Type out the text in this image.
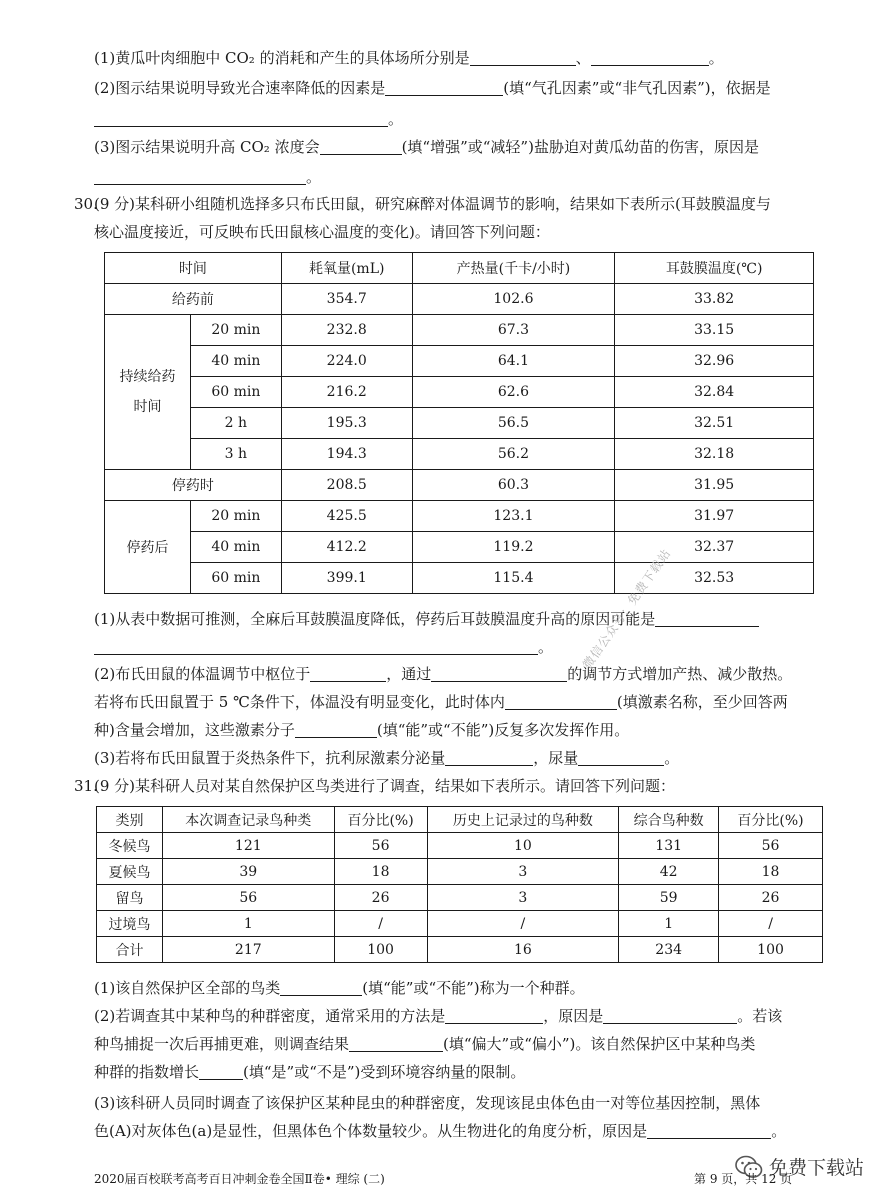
(1)黄瓜叶肉细胞中 CO₂ 的消耗和产生的具体场所分别是	、	。
(2)图示结果说明导致光合速率降低的因素是	(填“气孔因素”或“非气孔因素”)，依据是
。
(3)图示结果说明升高 CO₂ 浓度会	(填“增强”或“减轻”)盐胁迫对黄瓜幼苗的伤害，原因是
。
30.
(9 分)某科研小组随机选择多只布氏田鼠，研究麻醉对体温调节的影响，结果如下表所示(耳鼓膜温度与
核心温度接近，可反映布氏田鼠核心温度的变化)。请回答下列问题：
时间		耗氧量(mL)	产热量(千卡/小时)	耳鼓膜温度(℃)
给药前		354.7	102.6	33.82

持续给药时间	20 min	232.8	67.3	33.15
	40 min	224.0	64.1	32.96
	60 min	216.2	62.6	32.84
	2 h	195.3	56.5	32.51
	3 h	194.3	56.2	32.18
停药时		208.5	60.3	31.95
停药后	20 min	425.5	123.1	31.97
	40 min	412.2	119.2	32.37
	60 min	399.1	115.4	32.53
(1)从表中数据可推测，全麻后耳鼓膜温度降低，停药后耳鼓膜温度升高的原因可能是
。
(2)布氏田鼠的体温调节中枢位于	，通过	的调节方式增加产热、减少散热。
若将布氏田鼠置于 5 ℃条件下，体温没有明显变化，此时体内	(填激素名称，至少回答两
种)含量会增加，这些激素分子	(填“能”或“不能”)反复多次发挥作用。
(3)若将布氏田鼠置于炎热条件下，抗利尿激素分泌量	，尿量	。
31.
(9 分)某科研人员对某自然保护区鸟类进行了调查，结果如下表所示。请回答下列问题：
类别	本次调查记录鸟种类	百分比(%)	历史上记录过的鸟种数	综合鸟种数	百分比(%)
冬候鸟	121	56	10	131	56
夏候鸟	39	18	3	42	18
留鸟	56	26	3	59	26
过境鸟	1	/	/	1	/
合计	217	100	16	234	100
(1)该自然保护区全部的鸟类	(填“能”或“不能”)称为一个种群。
(2)若调查其中某种鸟的种群密度，通常采用的方法是	，原因是	。若该
种鸟捕捉一次后再捕更难，则调查结果	(填“偏大”或“偏小”)。该自然保护区中某种鸟类
种群的指数增长	(填“是”或“不是”)受到环境容纳量的限制。
(3)该科研人员同时调查了该保护区某种昆虫的种群密度，发现该昆虫体色由一对等位基因控制，黑体
色(A)对灰体色(a)是显性，但黑体色个体数量较少。从生物进化的角度分析，原因是	。
微信公众号：免费下载站
免费下载站
2020届百校联考高考百日冲刺金卷全国Ⅱ卷• 理综 (二)	第 9 页，共 12 页
